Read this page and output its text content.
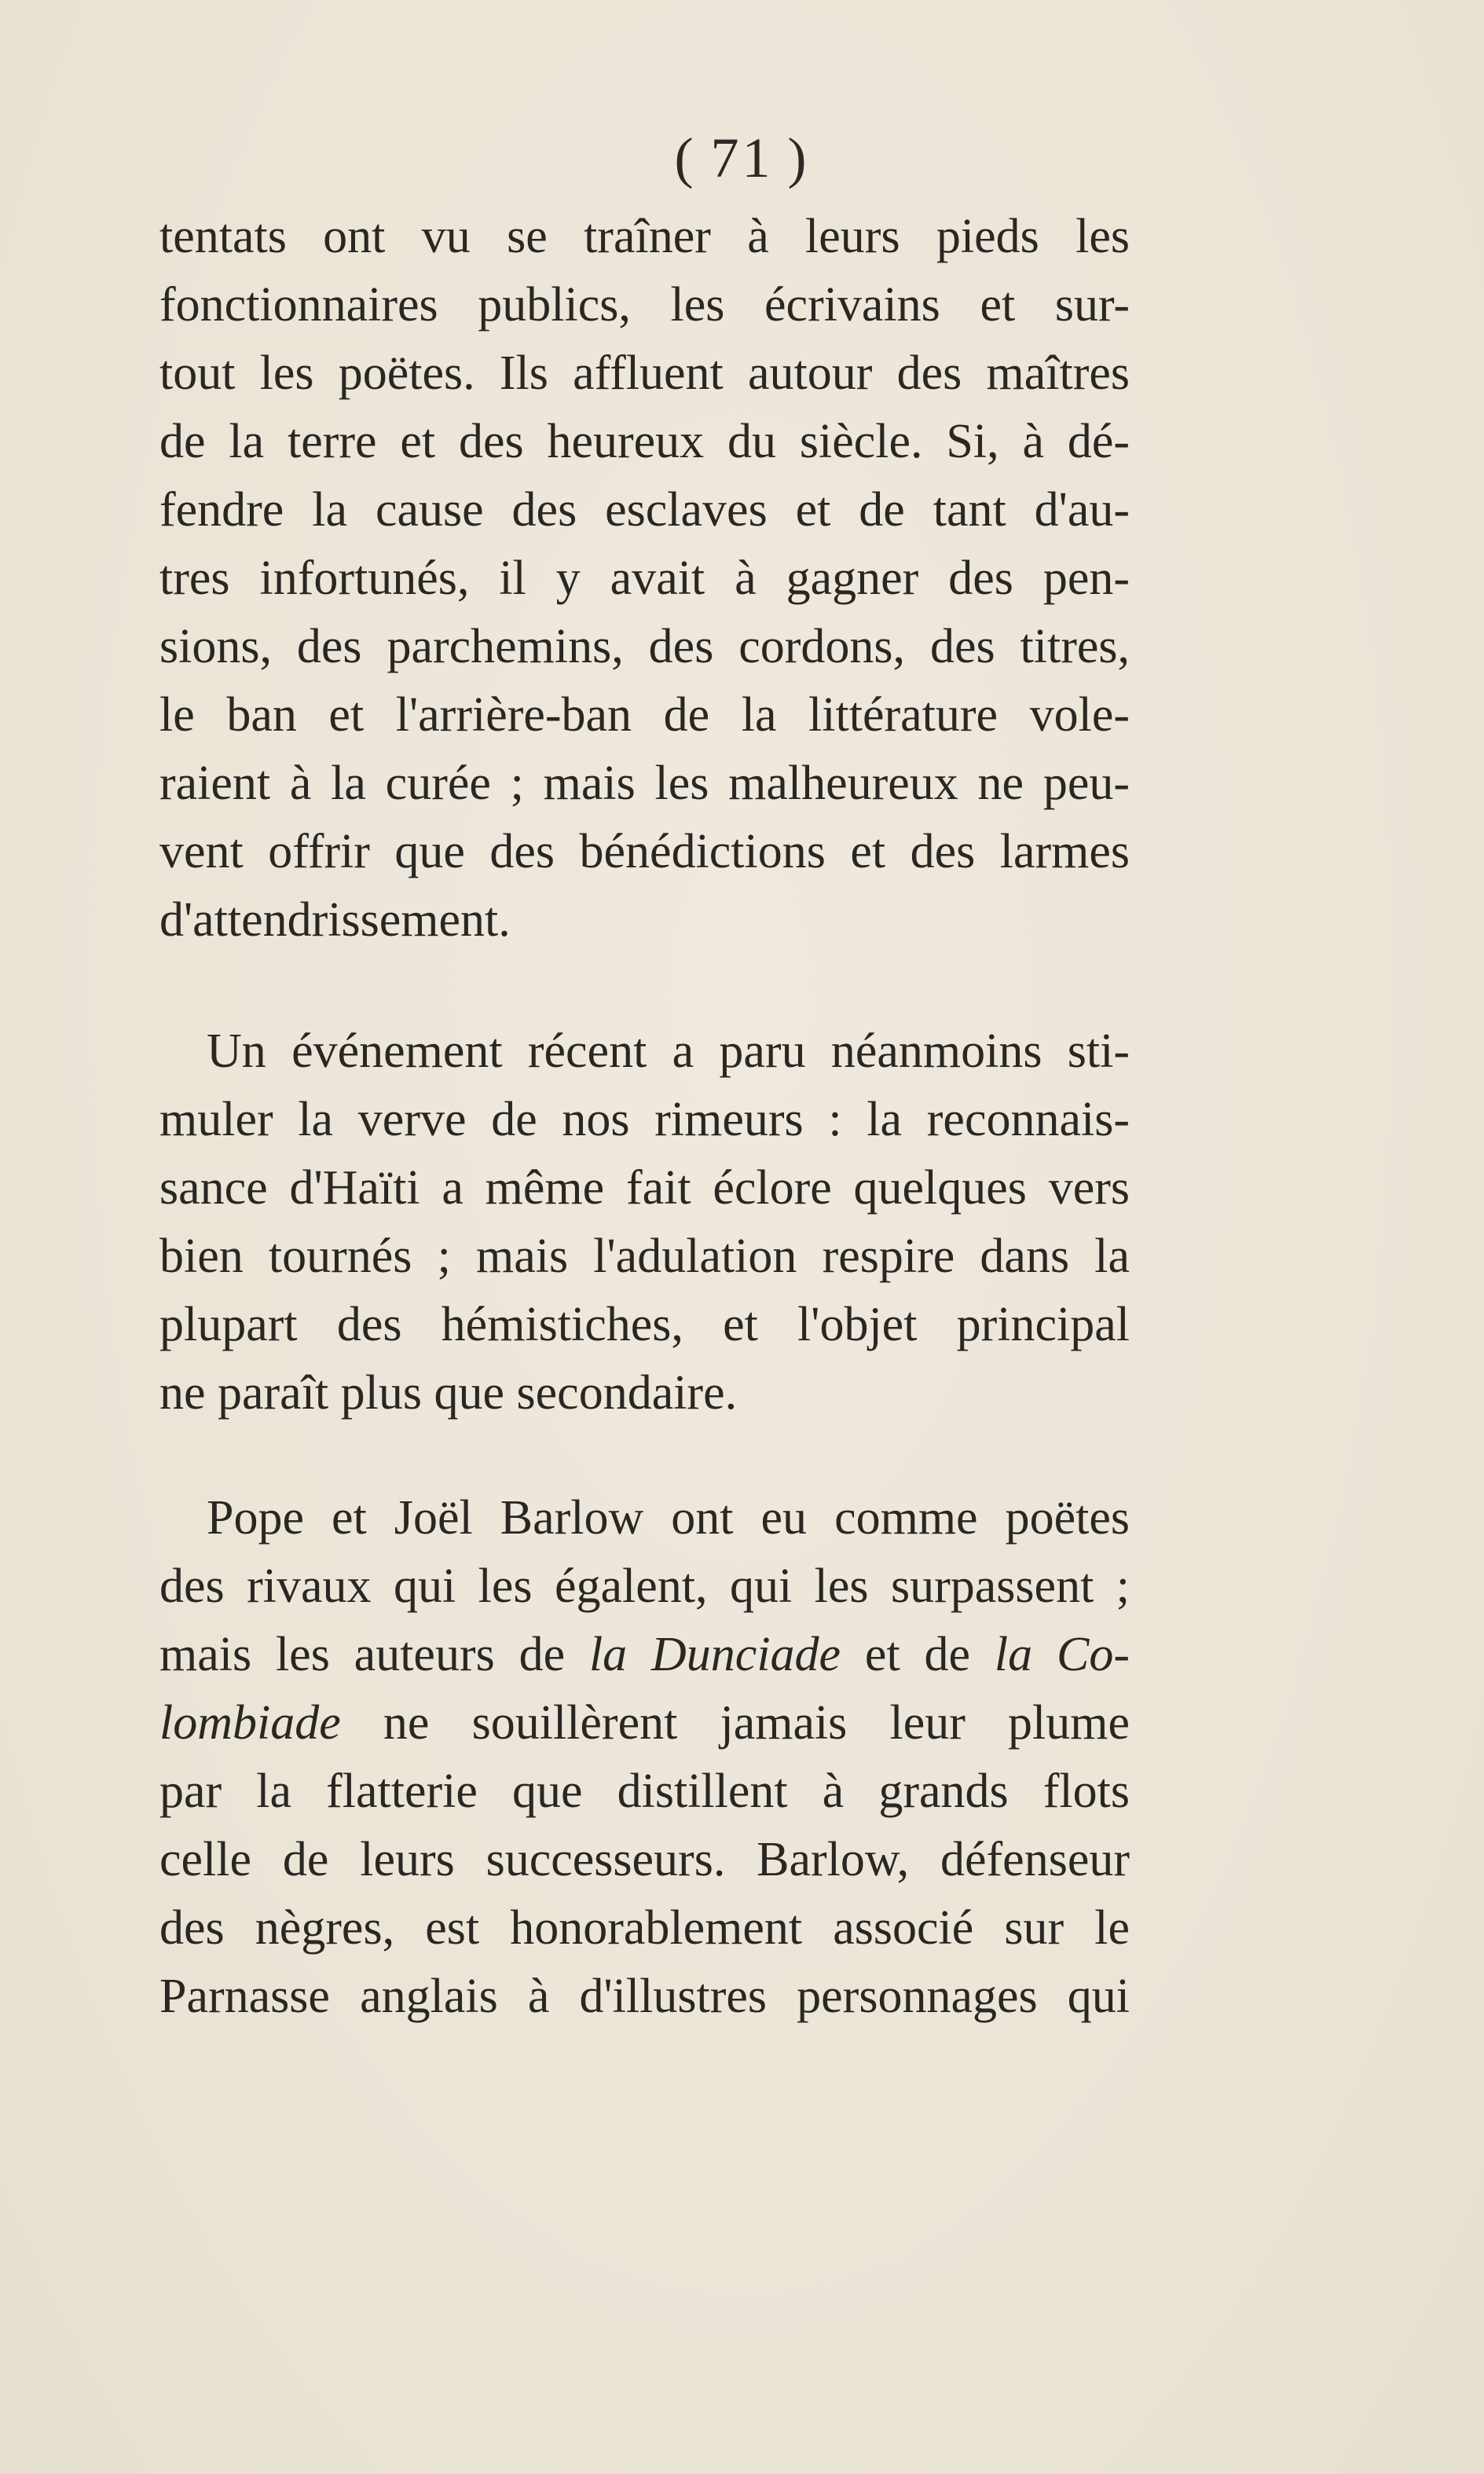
( 71 )
tentats ont vu se traîner à leurs pieds les
fonctionnaires publics, les écrivains et sur-
tout les poëtes. Ils affluent autour des maîtres
de la terre et des heureux du siècle. Si, à dé-
fendre la cause des esclaves et de tant d'au-
tres infortunés, il y avait à gagner des pen-
sions, des parchemins, des cordons, des titres,
le ban et l'arrière-ban de la littérature vole-
raient à la curée ; mais les malheureux ne peu-
vent offrir que des bénédictions et des larmes
d'attendrissement.
Un événement récent a paru néanmoins sti-
muler la verve de nos rimeurs : la reconnais-
sance d'Haïti a même fait éclore quelques vers
bien tournés ; mais l'adulation respire dans la
plupart des hémistiches, et l'objet principal
ne paraît plus que secondaire.
Pope et Joël Barlow ont eu comme poëtes
des rivaux qui les égalent, qui les surpassent ;
mais les auteurs de la Dunciade et de la Co-
lombiade ne souillèrent jamais leur plume
par la flatterie que distillent à grands flots
celle de leurs successeurs. Barlow, défenseur
des nègres, est honorablement associé sur le
Parnasse anglais à d'illustres personnages qui
